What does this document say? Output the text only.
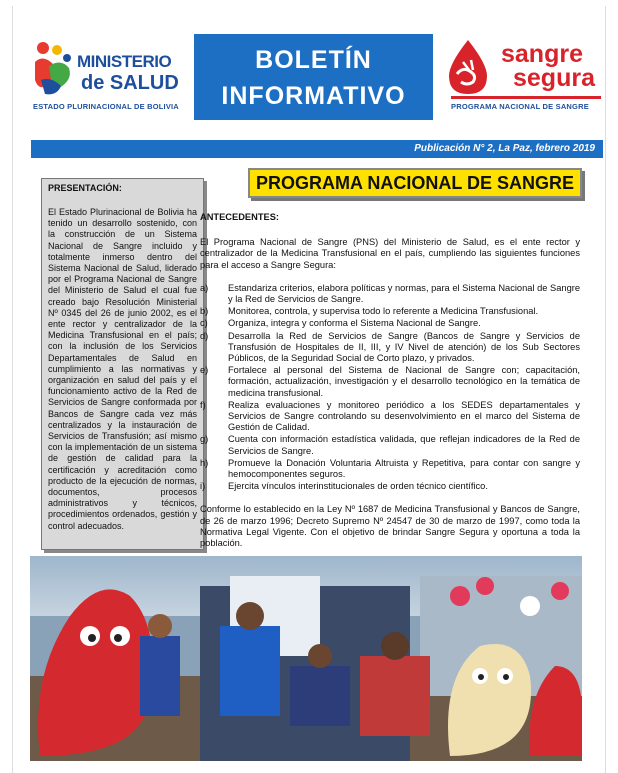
MINISTERIO
de SALUD
ESTADO PLURINACIONAL DE BOLIVIA
BOLETÍN
INFORMATIVO
sangre
segura
PROGRAMA NACIONAL DE SANGRE
Publicación N° 2, La Paz, febrero 2019
PRESENTACIÓN:
El Estado Plurinacional de Bolivia ha tenido un desarrollo sostenido, con la construcción de un Sistema Nacional de Sangre incluido y totalmente inmerso dentro del Sistema Nacional de Salud, liderado por el Programa Nacional de Sangre del Ministerio de Salud el cual fue creado bajo Resolución Ministerial Nº 0345 del 26 de junio 2002, es el ente rector y centralizador de la Medicina Transfusional en el país; con la inclusión de los Servicios Departamentales de Salud en cumplimiento a las normativas y organización en salud del país y el funcionamiento activo de la Red de Servicios de Sangre conformada por Bancos de Sangre cada vez más centralizados y la instauración de Servicios de Transfusión; así mismo con la implementación de un sistema de gestión de calidad para la certificación y acreditación como producto de la ejecución de normas, documentos, procesos administrativos y técnicos, procedimientos ordenados, gestión y control adecuados.
PROGRAMA NACIONAL DE SANGRE
ANTECEDENTES:

El Programa Nacional de Sangre (PNS) del Ministerio de Salud, es el ente rector y centralizador de la Medicina Transfusional en el país, cumpliendo las siguientes funciones para el acceso a Sangre Segura:

a) Estandariza criterios, elabora políticas y normas, para el Sistema Nacional de Sangre y la Red de Servicios de Sangre.
b) Monitorea, controla, y supervisa todo lo referente a Medicina Transfusional.
c) Organiza, integra y conforma el Sistema Nacional de Sangre.
d) Desarrolla la Red de Servicios de Sangre (Bancos de Sangre y Servicios de Transfusión de Hospitales de II, III, y IV Nivel de atención) de los Sub Sectores Públicos, de la Seguridad Social de Corto plazo, y privados.
e) Fortalece al personal del Sistema de Nacional de Sangre con; capacitación, formación, actualización, investigación y el desarrollo tecnológico en la temática de medicina transfusional.
f) Realiza evaluaciones y monitoreo periódico a los SEDES departamentales y Servicios de Sangre controlando su desenvolvimiento en el marco del Sistema de Gestión de Calidad.
g) Cuenta con información estadística validada, que reflejan indicadores de la Red de Servicios de Sangre.
h) Promueve la Donación Voluntaria Altruista y Repetitiva, para contar con sangre y hemocomponentes seguros.
i) Ejercita vínculos interinstitucionales de orden técnico científico.

Conforme lo establecido en la Ley Nº 1687 de Medicina Transfusional y Bancos de Sangre, de 26 de marzo 1996; Decreto Supremo Nº 24547 de 30 de marzo de 1997, como toda la Normativa Legal Vigente. Con el objetivo de brindar Sangre Segura y oportuna a toda la población.
